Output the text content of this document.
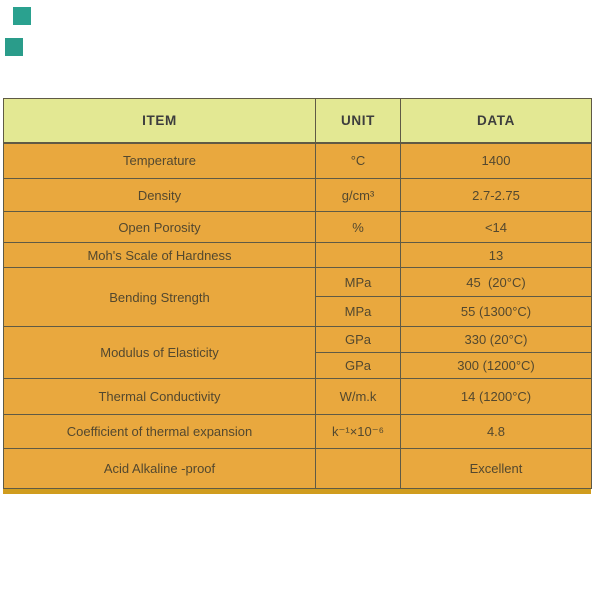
ITEM	UNIT	DATA
Temperature	°C	1400
Density	g/cm³	2.7-2.75
Open Porosity	%	<14
Moh's Scale of Hardness		13
Bending Strength	MPa	45  (20°C)
	MPa	55 (1300°C)
Modulus of Elasticity	GPa	330 (20°C)
	GPa	300 (1200°C)
Thermal Conductivity	W/m.k	14 (1200°C)
Coefficient of thermal expansion	k⁻¹×10⁻⁶	4.8
Acid Alkaline -proof		Excellent
